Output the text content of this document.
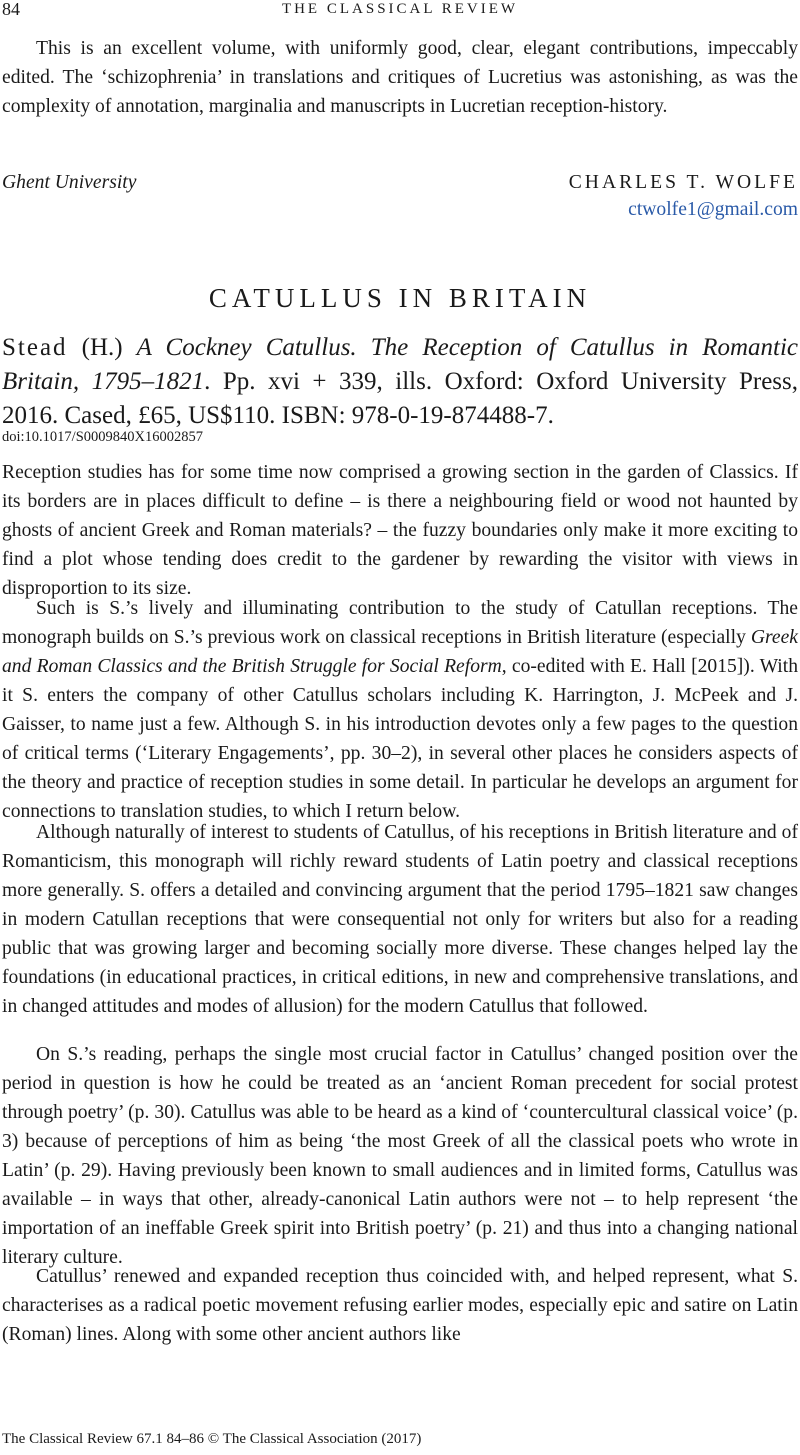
84	THE CLASSICAL REVIEW

This is an excellent volume, with uniformly good, clear, elegant contributions, impeccably edited. The ‘schizophrenia’ in translations and critiques of Lucretius was astonishing, as was the complexity of annotation, marginalia and manuscripts in Lucretian reception-history.

Ghent University	CHARLES T. WOLFE
ctwolfe1@gmail.com
CATULLUS IN BRITAIN

Stead (H.) A Cockney Catullus. The Reception of Catullus in Romantic Britain, 1795–1821. Pp. xvi + 339, ills. Oxford: Oxford University Press, 2016. Cased, £65, US$110. ISBN: 978-0-19-874488-7.

doi:10.1017/S0009840X16002857

Reception studies has for some time now comprised a growing section in the garden of Classics. If its borders are in places difficult to define – is there a neighbouring field or wood not haunted by ghosts of ancient Greek and Roman materials? – the fuzzy boundaries only make it more exciting to find a plot whose tending does credit to the gardener by rewarding the visitor with views in disproportion to its size.

Such is S.’s lively and illuminating contribution to the study of Catullan receptions. The monograph builds on S.’s previous work on classical receptions in British literature (especially Greek and Roman Classics and the British Struggle for Social Reform, co-edited with E. Hall [2015]). With it S. enters the company of other Catullus scholars including K. Harrington, J. McPeek and J. Gaisser, to name just a few. Although S. in his introduction devotes only a few pages to the question of critical terms (‘Literary Engagements’, pp. 30–2), in several other places he considers aspects of the theory and practice of reception studies in some detail. In particular he develops an argument for connections to translation studies, to which I return below.

Although naturally of interest to students of Catullus, of his receptions in British literature and of Romanticism, this monograph will richly reward students of Latin poetry and classical receptions more generally. S. offers a detailed and convincing argument that the period 1795–1821 saw changes in modern Catullan receptions that were consequential not only for writers but also for a reading public that was growing larger and becoming socially more diverse. These changes helped lay the foundations (in educational practices, in critical editions, in new and comprehensive translations, and in changed attitudes and modes of allusion) for the modern Catullus that followed.

On S.’s reading, perhaps the single most crucial factor in Catullus’ changed position over the period in question is how he could be treated as an ‘ancient Roman precedent for social protest through poetry’ (p. 30). Catullus was able to be heard as a kind of ‘countercultural classical voice’ (p. 3) because of perceptions of him as being ‘the most Greek of all the classical poets who wrote in Latin’ (p. 29). Having previously been known to small audiences and in limited forms, Catullus was available – in ways that other, already-canonical Latin authors were not – to help represent ‘the importation of an ineffable Greek spirit into British poetry’ (p. 21) and thus into a changing national literary culture.

Catullus’ renewed and expanded reception thus coincided with, and helped represent, what S. characterises as a radical poetic movement refusing earlier modes, especially epic and satire on Latin (Roman) lines. Along with some other ancient authors like

The Classical Review 67.1 84–86 © The Classical Association (2017)
